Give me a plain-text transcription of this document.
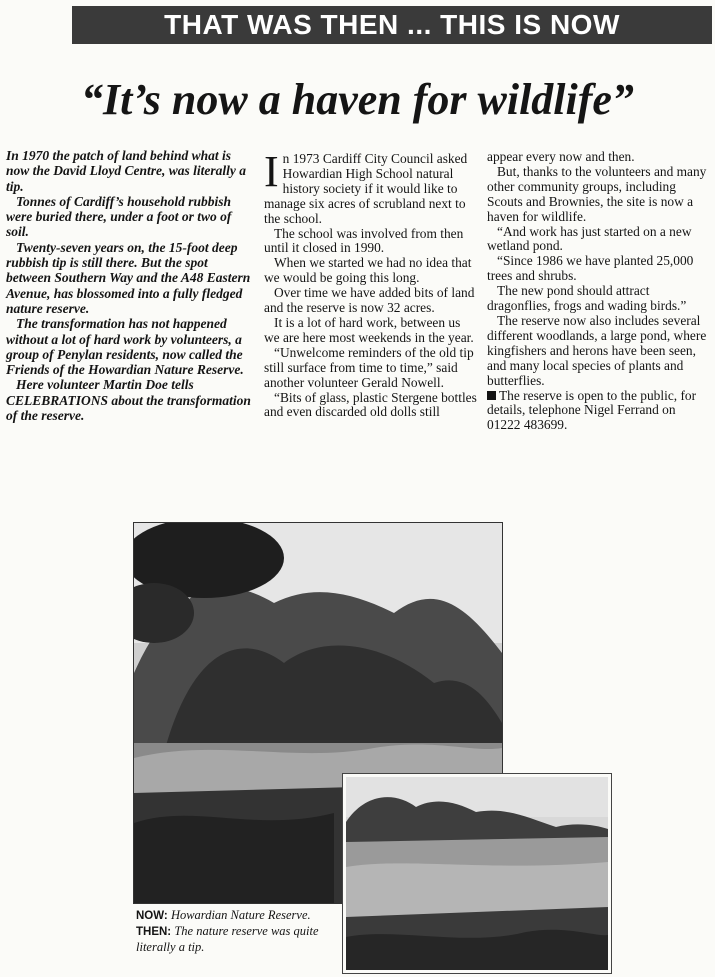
THAT WAS THEN ... THIS IS NOW
“It’s now a haven for wildlife”

In 1970 the patch of land behind what is now the David Lloyd Centre, was literally a tip.

Tonnes of Cardiff’s household rubbish were buried there, under a foot or two of soil.

Twenty-seven years on, the 15-foot deep rubbish tip is still there. But the spot between Southern Way and the A48 Eastern Avenue, has blossomed into a fully fledged nature reserve.

The transformation has not happened without a lot of hard work by volunteers, a group of Penylan residents, now called the Friends of the Howardian Nature Reserve.

Here volunteer Martin Doe tells CELEBRATIONS about the transformation of the reserve.

In 1973 Cardiff City Council asked Howardian High School natural history society if it would like to manage six acres of scrubland next to the school.

The school was involved from then until it closed in 1990.

When we started we had no idea that we would be going this long.

Over time we have added bits of land and the reserve is now 32 acres.

It is a lot of hard work, between us we are here most weekends in the year.

“Unwelcome reminders of the old tip still surface from time to time,” said another volunteer Gerald Nowell.

“Bits of glass, plastic Stergene bottles and even discarded old dolls still

appear every now and then.

But, thanks to the volunteers and many other community groups, including Scouts and Brownies, the site is now a haven for wildlife.

“And work has just started on a new wetland pond.

“Since 1986 we have planted 25,000 trees and shrubs.

The new pond should attract dragonflies, frogs and wading birds.”

The reserve now also includes several different woodlands, a large pond, where kingfishers and herons have been seen, and many local species of plants and butterflies.

The reserve is open to the public, for details, telephone Nigel Ferrand on 01222 483699.

NOW: Howardian Nature Reserve. THEN: The nature reserve was quite literally a tip.
